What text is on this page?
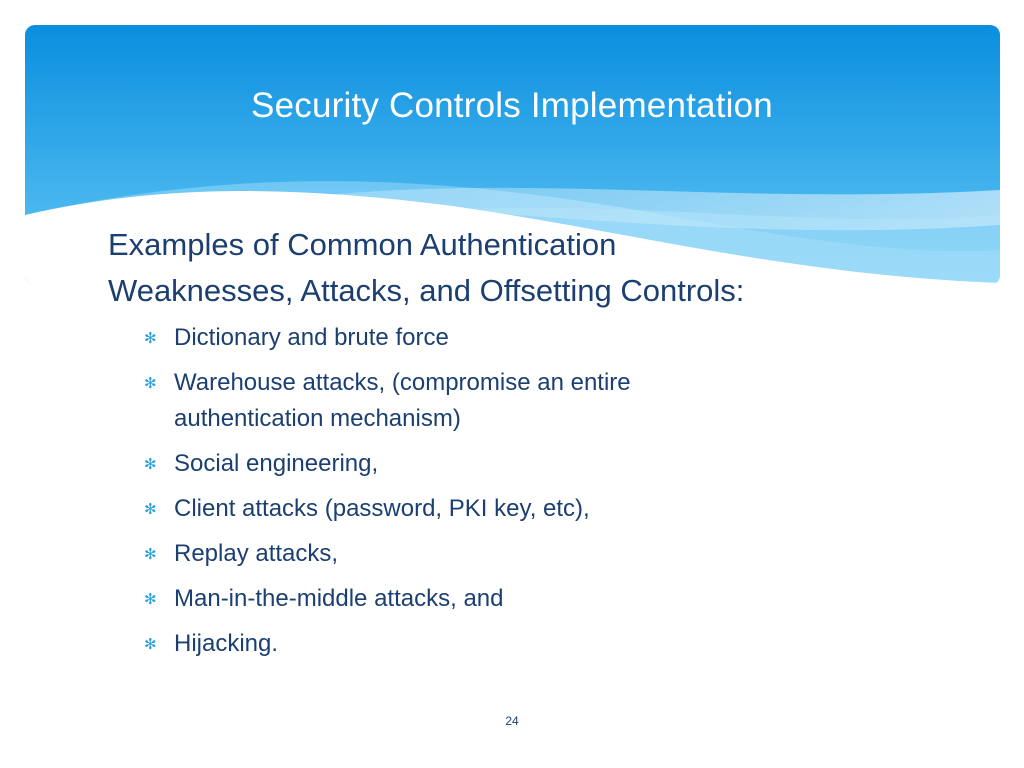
Security Controls Implementation
Examples of Common Authentication
Weaknesses, Attacks, and Offsetting Controls:
✻ Dictionary and brute force
✻ Warehouse attacks, (compromise an entire
authentication mechanism)
✻ Social engineering,
✻ Client attacks (password, PKI key, etc),
✻ Replay attacks,
✻ Man-in-the-middle attacks, and
✻ Hijacking.
24
